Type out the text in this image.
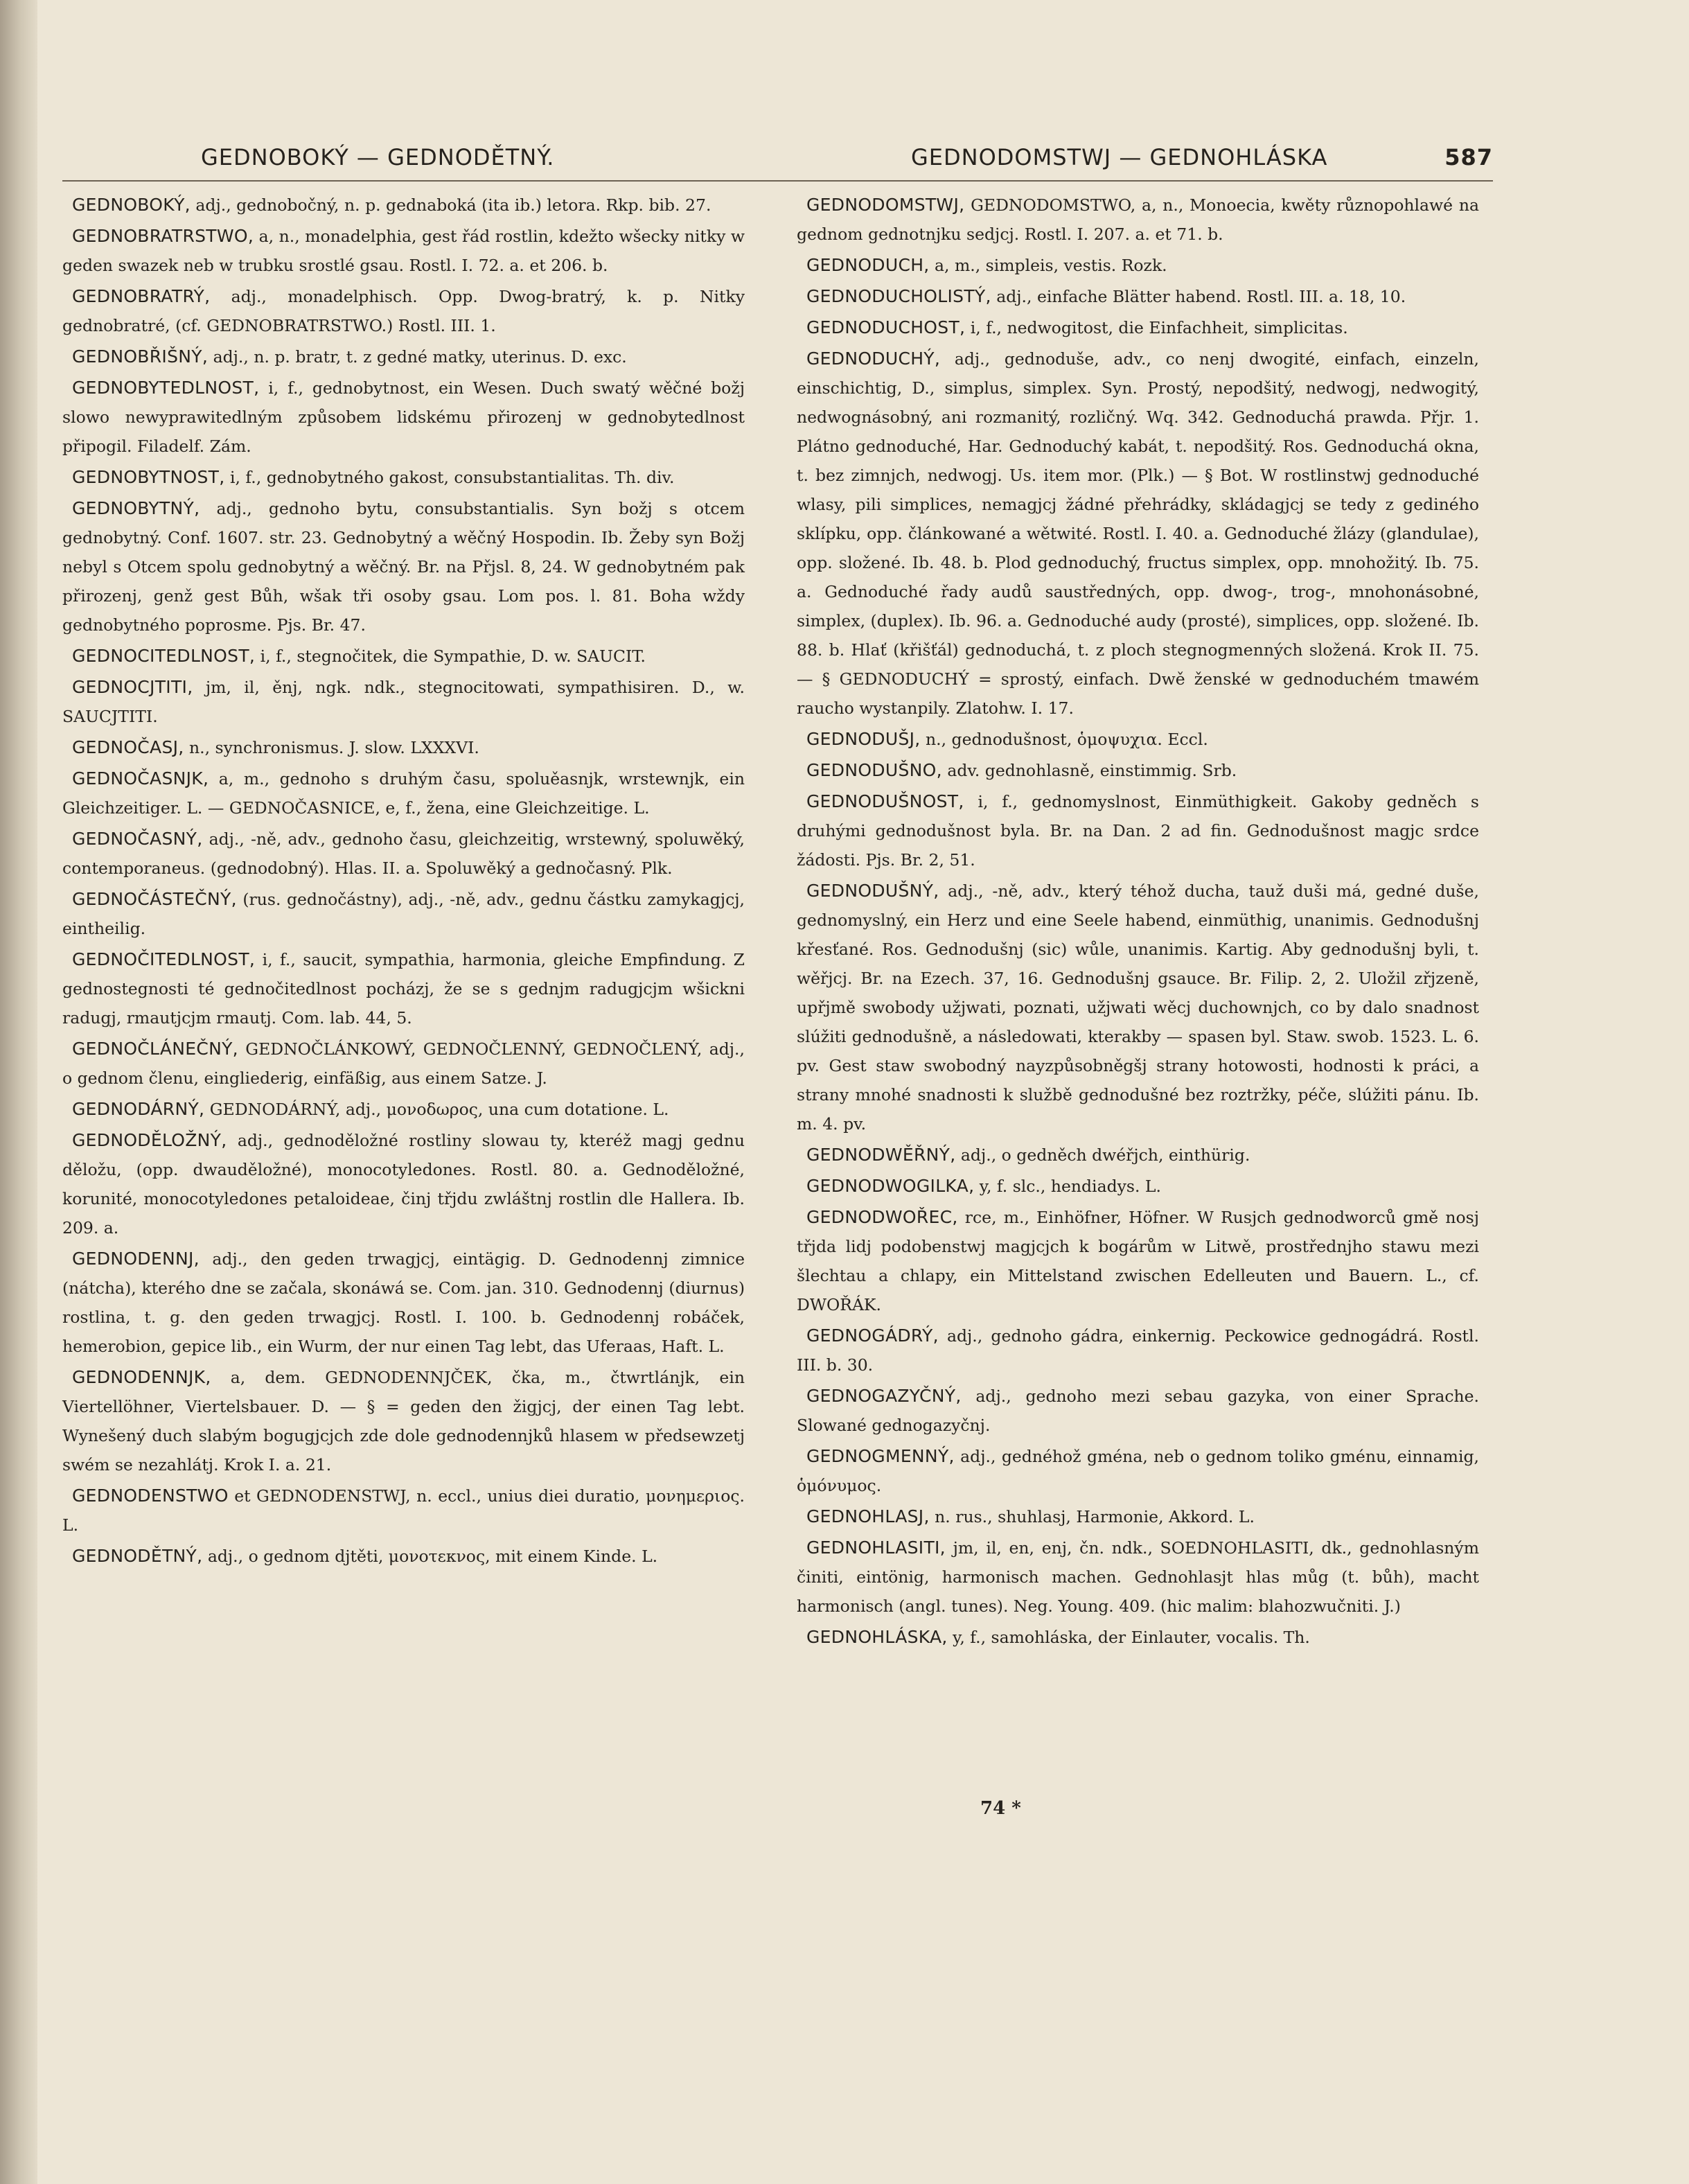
GEDNOBOKÝ — GEDNODĚTNÝ.	GEDNODOMSTWJ — GEDNOHLÁSKA	587

GEDNOBOKÝ, adj., gednobočný, n. p. gednaboká (ita ib.) letora. Rkp. bib. 27.

GEDNOBRATRSTWO, a, n., monadelphia, gest řád rostlin, kdežto wšecky nitky w geden swazek neb w trubku srostlé gsau. Rostl. I. 72. a. et 206. b.

GEDNOBRATRÝ, adj., monadelphisch. Opp. Dwog-bratrý, k. p. Nitky gednobratré, (cf. GEDNOBRATRSTWO.) Rostl. III. 1.

GEDNOBŘIŠNÝ, adj., n. p. bratr, t. z gedné matky, uterinus. D. exc.

GEDNOBYTEDLNOST, i, f., gednobytnost, ein Wesen. Duch swatý wěčné božj slowo newyprawitedlným způsobem lidskému přirozenj w gednobytedlnost připogil. Filadelf. Zám.

GEDNOBYTNOST, i, f., gednobytného gakost, consubstantialitas. Th. div.

GEDNOBYTNÝ, adj., gednoho bytu, consubstantialis. Syn božj s otcem gednobytný. Conf. 1607. str. 23. Gednobytný a wěčný Hospodin. Ib. Žeby syn Božj nebyl s Otcem spolu gednobytný a wěčný. Br. na Přjsl. 8, 24. W gednobytném pak přirozenj, genž gest Bůh, wšak tři osoby gsau. Lom pos. l. 81. Boha wždy gednobytného poprosme. Pjs. Br. 47.

GEDNOCITEDLNOST, i, f., stegnočitek, die Sympathie, D. w. SAUCIT.

GEDNOCJTITI, jm, il, ěnj, ngk. ndk., stegnocitowati, sympathisiren. D., w. SAUCJTITI.

GEDNOČASJ, n., synchronismus. J. slow. LXXXVI.

GEDNOČASNJK, a, m., gednoho s druhým času, spoluěasnjk, wrstewnjk, ein Gleichzeitiger. L. — GEDNOČASNICE, e, f., žena, eine Gleichzeitige. L.

GEDNOČASNÝ, adj., -ně, adv., gednoho času, gleichzeitig, wrstewný, spoluwěký, contemporaneus. (gednodobný). Hlas. II. a. Spoluwěký a gednočasný. Plk.

GEDNOČÁSTEČNÝ, (rus. gednočástny), adj., -ně, adv., gednu částku zamykagjcj, eintheilig.

GEDNOČITEDLNOST, i, f., saucit, sympathia, harmonia, gleiche Empfindung. Z gednostegnosti té gednočitedlnost pocházj, že se s gednjm radugjcjm wšickni radugj, rmautjcjm rmautj. Com. lab. 44, 5.

GEDNOČLÁNEČNÝ, GEDNOČLÁNKOWÝ, GEDNOČLENNÝ, GEDNOČLENÝ, adj., o gednom členu, eingliederig, einfäßig, aus einem Satze. J.

GEDNODÁRNÝ, GEDNODÁRNÝ, adj., μονοδωρος, una cum dotatione. L.

GEDNODĚLOŽNÝ, adj., gednoděložné rostliny slowau ty, kteréž magj gednu děložu, (opp. dwauděložné), monocotyledones. Rostl. 80. a. Gednoděložné, korunité, monocotyledones petaloideae, činj třjdu zwláštnj rostlin dle Hallera. Ib. 209. a.

GEDNODENNJ, adj., den geden trwagjcj, eintägig. D. Gednodennj zimnice (nátcha), kteréhо dne se začala, skonáwá se. Com. jan. 310. Gednodennj (diurnus) rostlina, t. g. den geden trwagjcj. Rostl. I. 100. b. Gednodennj robáček, hemerobion, gepice lib., ein Wurm, der nur einen Tag lebt, das Uferaas, Haft. L.

GEDNODENNJK, a, dem. GEDNODENNJČEK, čka, m., čtwrtlánjk, ein Viertellöhner, Viertelsbauer. D. — § = geden den žigjcj, der einen Tag lebt. Wynešený duch slabým bogugjcjch zde dole gednodennjků hlasem w předsewzetj swém se nezahlátj. Krok I. a. 21.

GEDNODENSTWO et GEDNODENSTWJ, n. eccl., unius diei duratio, μονημεριος. L.

GEDNODĚTNÝ, adj., o gednom djtěti, μονοτεκνος, mit einem Kinde. L.

GEDNODOMSTWJ, GEDNODOMSTWO, a, n., Monoecia, kwěty různopohlawé na gednom gednotnjku sedjcj. Rostl. I. 207. a. et 71. b.

GEDNODUCH, a, m., simpleis, vestis. Rozk.

GEDNODUCHOLISTÝ, adj., einfache Blätter habend. Rostl. III. a. 18, 10.

GEDNODUCHOST, i, f., nedwogitost, die Einfachheit, simplicitas.

GEDNODUCHÝ, adj., gednoduše, adv., co nenj dwogité, einfach, einzeln, einschichtig, D., simplus, simplex. Syn. Prostý, nepodšitý, nedwogj, nedwogitý, nedwognásobný, ani rozmanitý, rozličný. Wq. 342. Gednoduchá prawda. Přjr. 1. Plátno gednoduché, Har. Gednoduchý kabát, t. nepodšitý. Ros. Gednoduchá okna, t. bez zimnjch, nedwogj. Us. item mor. (Plk.) — § Bot. W rostlinstwj gednoduché wlasy, pili simplices, nemagjcj žádné přehrádky, skládagjcj se tedy z gediného sklípku, opp. článkowané a wětwité. Rostl. I. 40. a. Gednoduché žlázy (glandulae), opp. složené. Ib. 48. b. Plod gednoduchý, fructus simplex, opp. mnohožitý. Ib. 75. a. Gednoduché řady audů saustředných, opp. dwog-, trog-, mnohonásobné, simplex, (duplex). Ib. 96. a. Gednoduché audy (prosté), simplices, opp. složené. Ib. 88. b. Hlať (křišťál) gednoduchá, t. z ploch stegnogmenných složená. Krok II. 75. — § GEDNODUCHÝ = sprostý, einfach. Dwě ženské w gednoduchém tmawém raucho wystanpily. Zlatohw. I. 17.

GEDNODUŠJ, n., gednodušnost, ὁμοψυχια. Eccl.

GEDNODUŠNO, adv. gednohlasně, einstimmig. Srb.

GEDNODUŠNOST, i, f., gednomyslnost, Einmüthigkeit. Gakoby gedněch s druhými gednodušnost byla. Br. na Dan. 2 ad fin. Gednodušnost magjc srdce žádosti. Pjs. Br. 2, 51.

GEDNODUŠNÝ, adj., -ně, adv., který téhož ducha, tauž duši má, gedné duše, gednomyslný, ein Herz und eine Seele habend, einmüthig, unanimis. Gednodušnj křesťané. Ros. Gednodušnj (sic) wůle, unanimis. Kartig. Aby gednodušnj byli, t. wěřjcj. Br. na Ezech. 37, 16. Gednodušnj gsauce. Br. Filip. 2, 2. Uložil zřjzeně, upřjmě swobody užjwati, poznati, užjwati wěcj duchownjch, co by dalo snadnost slúžiti gednodušně, a následowati, kterakby — spasen byl. Staw. swob. 1523. L. 6. pv. Gest staw swobodný nayzpůsobněgšj strany hotowosti, hodnosti k práci, a strany mnohé snadnosti k službě gednodušné bez roztržky, péče, slúžiti pánu. Ib. m. 4. pv.

GEDNODWĚŘNÝ, adj., o gedněch dwéřjch, einthürig.

GEDNODWOGILKA, y, f. slc., hendiadys. L.

GEDNODWOŘEC, rce, m., Einhöfner, Höfner. W Rusjch gednodworců gmě nosj třjda lidj podobenstwj magjcjch k bogárům w Litwě, prostřednjho stawu mezi šlechtau a chlapy, ein Mittelstand zwischen Edelleuten und Bauern. L., cf. DWOŘÁK.

GEDNOGÁDRÝ, adj., gednoho gádra, einkernig. Peckowice gednogádrá. Rostl. III. b. 30.

GEDNOGAZYČNÝ, adj., gednoho mezi sebau gazyka, von einer Sprache. Slowané gednogazyčnj.

GEDNOGMENNÝ, adj., gednéhož gména, neb o gednom toliko gménu, einnamig, ὁμόνυμος.

GEDNOHLASJ, n. rus., shuhlasj, Harmonie, Akkord. L.

GEDNOHLASITI, jm, il, en, enj, čn. ndk., SOEDNOHLASITI, dk., gednohlasným činiti, eintönig, harmonisch machen. Gednohlasjt hlas můg (t. bůh), macht harmonisch (angl. tunes). Neg. Young. 409. (hic malim: blahozwučniti. J.)

GEDNOHLÁSKA, y, f., samohláska, der Einlauter, vocalis. Th.

74 *
